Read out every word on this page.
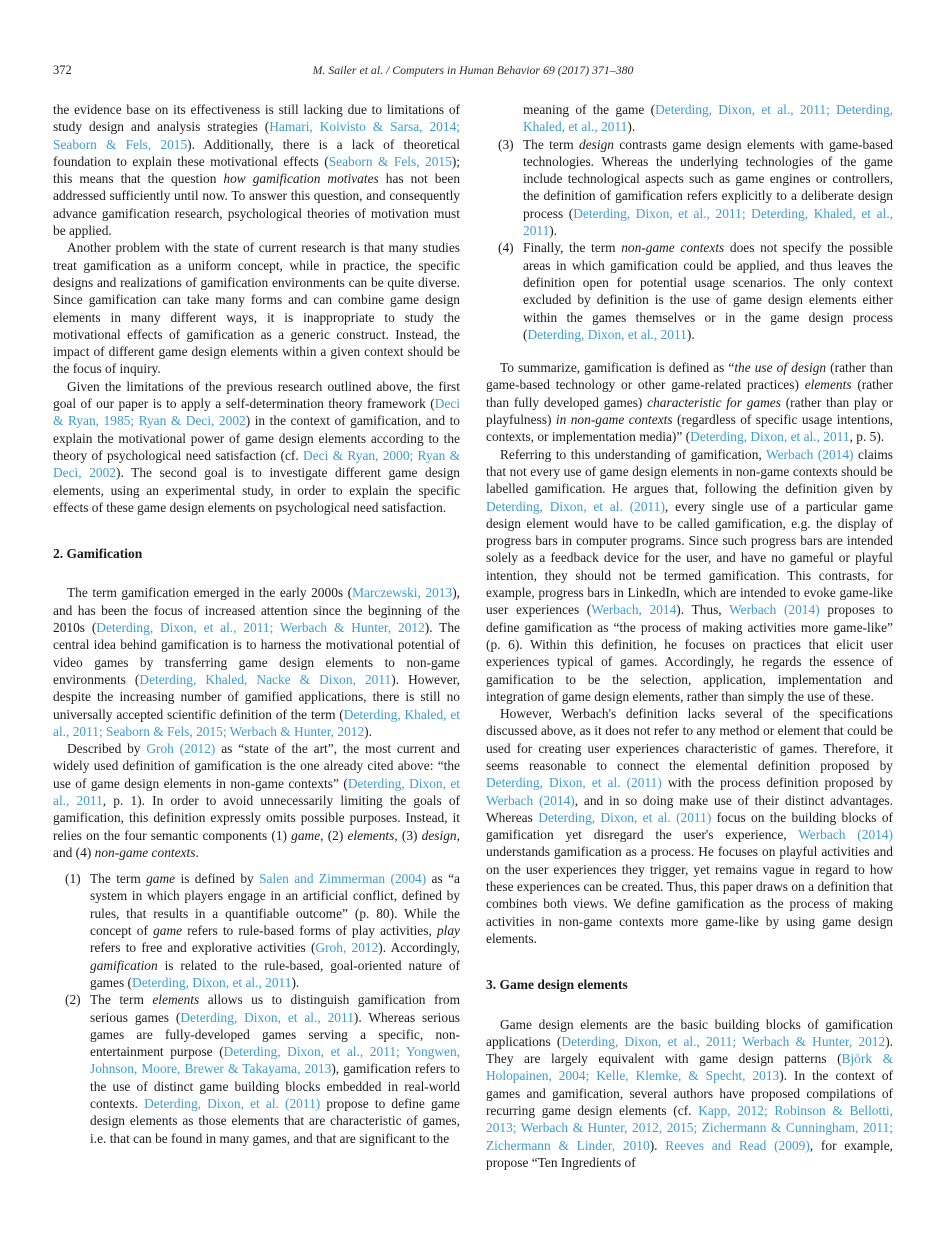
372	M. Sailer et al. / Computers in Human Behavior 69 (2017) 371–380

the evidence base on its effectiveness is still lacking due to limitations of study design and analysis strategies (Hamari, Koivisto & Sarsa, 2014; Seaborn & Fels, 2015). Additionally, there is a lack of theoretical foundation to explain these motivational effects (Seaborn & Fels, 2015); this means that the question how gamification motivates has not been addressed sufficiently until now. To answer this question, and consequently advance gamification research, psychological theories of motivation must be applied.

Another problem with the state of current research is that many studies treat gamification as a uniform concept, while in practice, the specific designs and realizations of gamification environments can be quite diverse. Since gamification can take many forms and can combine game design elements in many different ways, it is inappropriate to study the motivational effects of gamification as a generic construct. Instead, the impact of different game design elements within a given context should be the focus of inquiry.

Given the limitations of the previous research outlined above, the first goal of our paper is to apply a self-determination theory framework (Deci & Ryan, 1985; Ryan & Deci, 2002) in the context of gamification, and to explain the motivational power of game design elements according to the theory of psychological need satisfaction (cf. Deci & Ryan, 2000; Ryan & Deci, 2002). The second goal is to investigate different game design elements, using an experimental study, in order to explain the specific effects of these game design elements on psychological need satisfaction.

2. Gamification

The term gamification emerged in the early 2000s (Marczewski, 2013), and has been the focus of increased attention since the beginning of the 2010s (Deterding, Dixon, et al., 2011; Werbach & Hunter, 2012). The central idea behind gamification is to harness the motivational potential of video games by transferring game design elements to non-game environments (Deterding, Khaled, Nacke & Dixon, 2011). However, despite the increasing number of gamified applications, there is still no universally accepted scientific definition of the term (Deterding, Khaled, et al., 2011; Seaborn & Fels, 2015; Werbach & Hunter, 2012).

Described by Groh (2012) as “state of the art”, the most current and widely used definition of gamification is the one already cited above: “the use of game design elements in non-game contexts” (Deterding, Dixon, et al., 2011, p. 1). In order to avoid unnecessarily limiting the goals of gamification, this definition expressly omits possible purposes. Instead, it relies on the four semantic components (1) game, (2) elements, (3) design, and (4) non-game contexts.

(1) The term game is defined by Salen and Zimmerman (2004) as “a system in which players engage in an artificial conflict, defined by rules, that results in a quantifiable outcome” (p. 80). While the concept of game refers to rule-based forms of play activities, play refers to free and explorative activities (Groh, 2012). Accordingly, gamification is related to the rule-based, goal-oriented nature of games (Deterding, Dixon, et al., 2011).

(2) The term elements allows us to distinguish gamification from serious games (Deterding, Dixon, et al., 2011). Whereas serious games are fully-developed games serving a specific, non-entertainment purpose (Deterding, Dixon, et al., 2011; Yongwen, Johnson, Moore, Brewer & Takayama, 2013), gamification refers to the use of distinct game building blocks embedded in real-world contexts. Deterding, Dixon, et al. (2011) propose to define game design elements as those elements that are characteristic of games, i.e. that can be found in many games, and that are significant to the

meaning of the game (Deterding, Dixon, et al., 2011; Deterding, Khaled, et al., 2011).

(3) The term design contrasts game design elements with game-based technologies. Whereas the underlying technologies of the game include technological aspects such as game engines or controllers, the definition of gamification refers explicitly to a deliberate design process (Deterding, Dixon, et al., 2011; Deterding, Khaled, et al., 2011).

(4) Finally, the term non-game contexts does not specify the possible areas in which gamification could be applied, and thus leaves the definition open for potential usage scenarios. The only context excluded by definition is the use of game design elements either within the games themselves or in the game design process (Deterding, Dixon, et al., 2011).

To summarize, gamification is defined as “the use of design (rather than game-based technology or other game-related practices) elements (rather than fully developed games) characteristic for games (rather than play or playfulness) in non-game contexts (regardless of specific usage intentions, contexts, or implementation media)” (Deterding, Dixon, et al., 2011, p. 5).

Referring to this understanding of gamification, Werbach (2014) claims that not every use of game design elements in non-game contexts should be labelled gamification. He argues that, following the definition given by Deterding, Dixon, et al. (2011), every single use of a particular game design element would have to be called gamification, e.g. the display of progress bars in computer programs. Since such progress bars are intended solely as a feedback device for the user, and have no gameful or playful intention, they should not be termed gamification. This contrasts, for example, progress bars in LinkedIn, which are intended to evoke game-like user experiences (Werbach, 2014). Thus, Werbach (2014) proposes to define gamification as “the process of making activities more game-like” (p. 6). Within this definition, he focuses on practices that elicit user experiences typical of games. Accordingly, he regards the essence of gamification to be the selection, application, implementation and integration of game design elements, rather than simply the use of these.

However, Werbach's definition lacks several of the specifications discussed above, as it does not refer to any method or element that could be used for creating user experiences characteristic of games. Therefore, it seems reasonable to connect the elemental definition proposed by Deterding, Dixon, et al. (2011) with the process definition proposed by Werbach (2014), and in so doing make use of their distinct advantages. Whereas Deterding, Dixon, et al. (2011) focus on the building blocks of gamification yet disregard the user's experience, Werbach (2014) understands gamification as a process. He focuses on playful activities and on the user experiences they trigger, yet remains vague in regard to how these experiences can be created. Thus, this paper draws on a definition that combines both views. We define gamification as the process of making activities in non-game contexts more game-like by using game design elements.

3. Game design elements

Game design elements are the basic building blocks of gamification applications (Deterding, Dixon, et al., 2011; Werbach & Hunter, 2012). They are largely equivalent with game design patterns (Björk & Holopainen, 2004; Kelle, Klemke, & Specht, 2013). In the context of games and gamification, several authors have proposed compilations of recurring game design elements (cf. Kapp, 2012; Robinson & Bellotti, 2013; Werbach & Hunter, 2012, 2015; Zichermann & Cunningham, 2011; Zichermann & Linder, 2010). Reeves and Read (2009), for example, propose “Ten Ingredients of
